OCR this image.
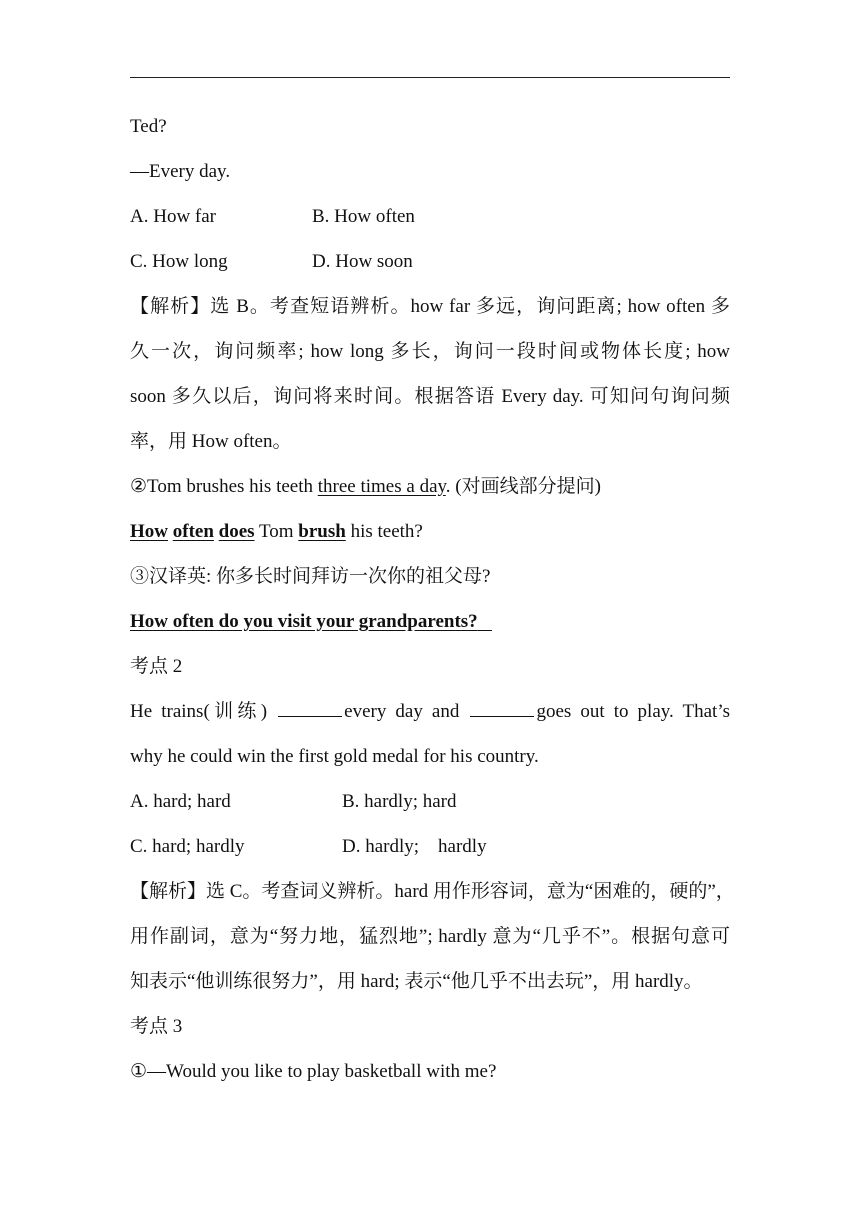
Ted?
—Every day.
A. How far	B. How often
C. How long	D. How soon
【解析】选 B。考查短语辨析。how far 多远，询问距离; how often 多
久一次，询问频率; how long 多长，询问一段时间或物体长度; how
soon 多久以后，询问将来时间。根据答语 Every day. 可知问句询问频
率，用 How often。
②Tom brushes his teeth three times a day. (对画线部分提问)
How often does Tom brush his teeth?
③汉译英: 你多长时间拜访一次你的祖父母?
How often do you visit your grandparents?
考点 2
He trains(训练)	every day and	goes out to play. That’s
why he could win the first gold medal for his country.
A. hard; hard	B. hardly; hard
C. hard; hardly	D. hardly;    hardly
【解析】选 C。考查词义辨析。hard 用作形容词，意为“困难的，硬的”，
用作副词，意为“努力地，猛烈地”; hardly 意为“几乎不”。根据句意可
知表示“他训练很努力”，用 hard; 表示“他几乎不出去玩”，用 hardly。
考点 3
①—Would you like to play basketball with me?
